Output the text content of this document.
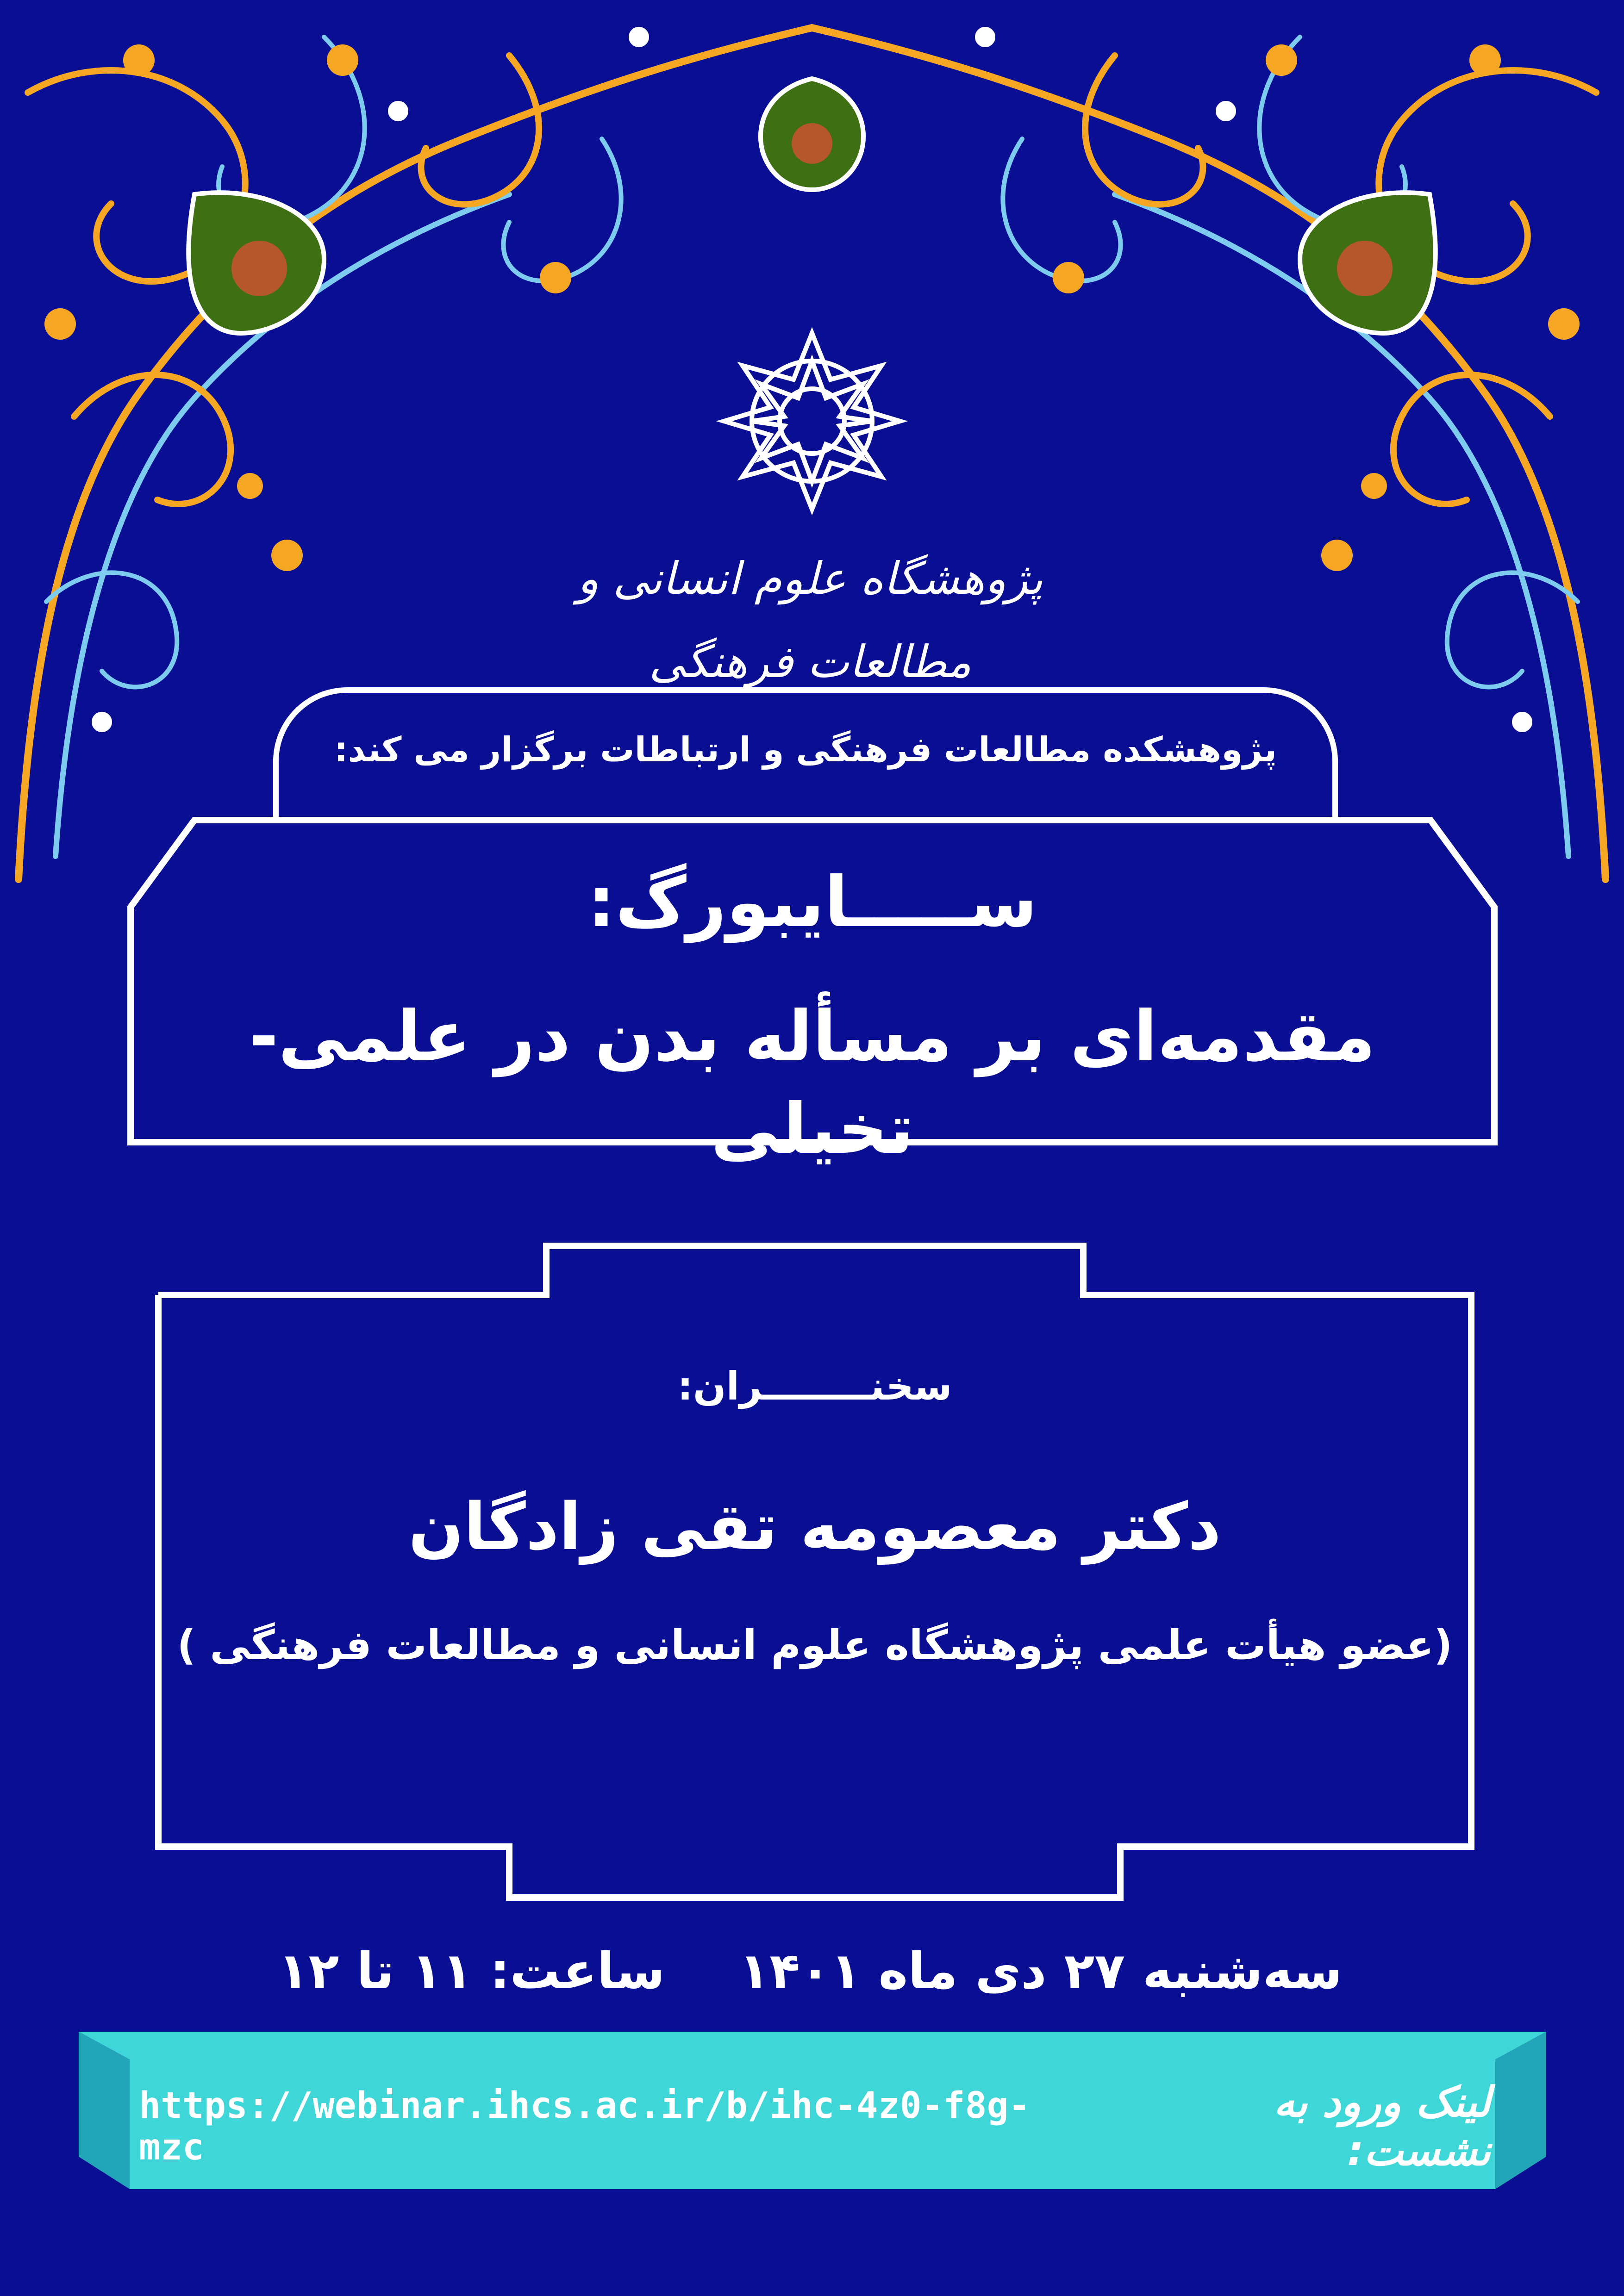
پژوهشگاه علوم انسانی و مطالعات فرهنگی
پژوهشکده مطالعات فرهنگی و ارتباطات برگزار می کند:
ســـــایبورگ:
مقدمه‌ای بر مسأله بدن در علمی- تخیلی
سخنــــــــران:
دکتر معصومه تقی زادگان
(عضو هیأت علمی پژوهشگاه علوم انسانی و مطالعات فرهنگی )
سه‌شنبه ۲۷ دی ماه ۱۴۰۱
ساعت: ۱۱ تا ۱۲
https://webinar.ihcs.ac.ir/b/ihc-4z0-f8g-mzc
لینک ورود به نشست:
